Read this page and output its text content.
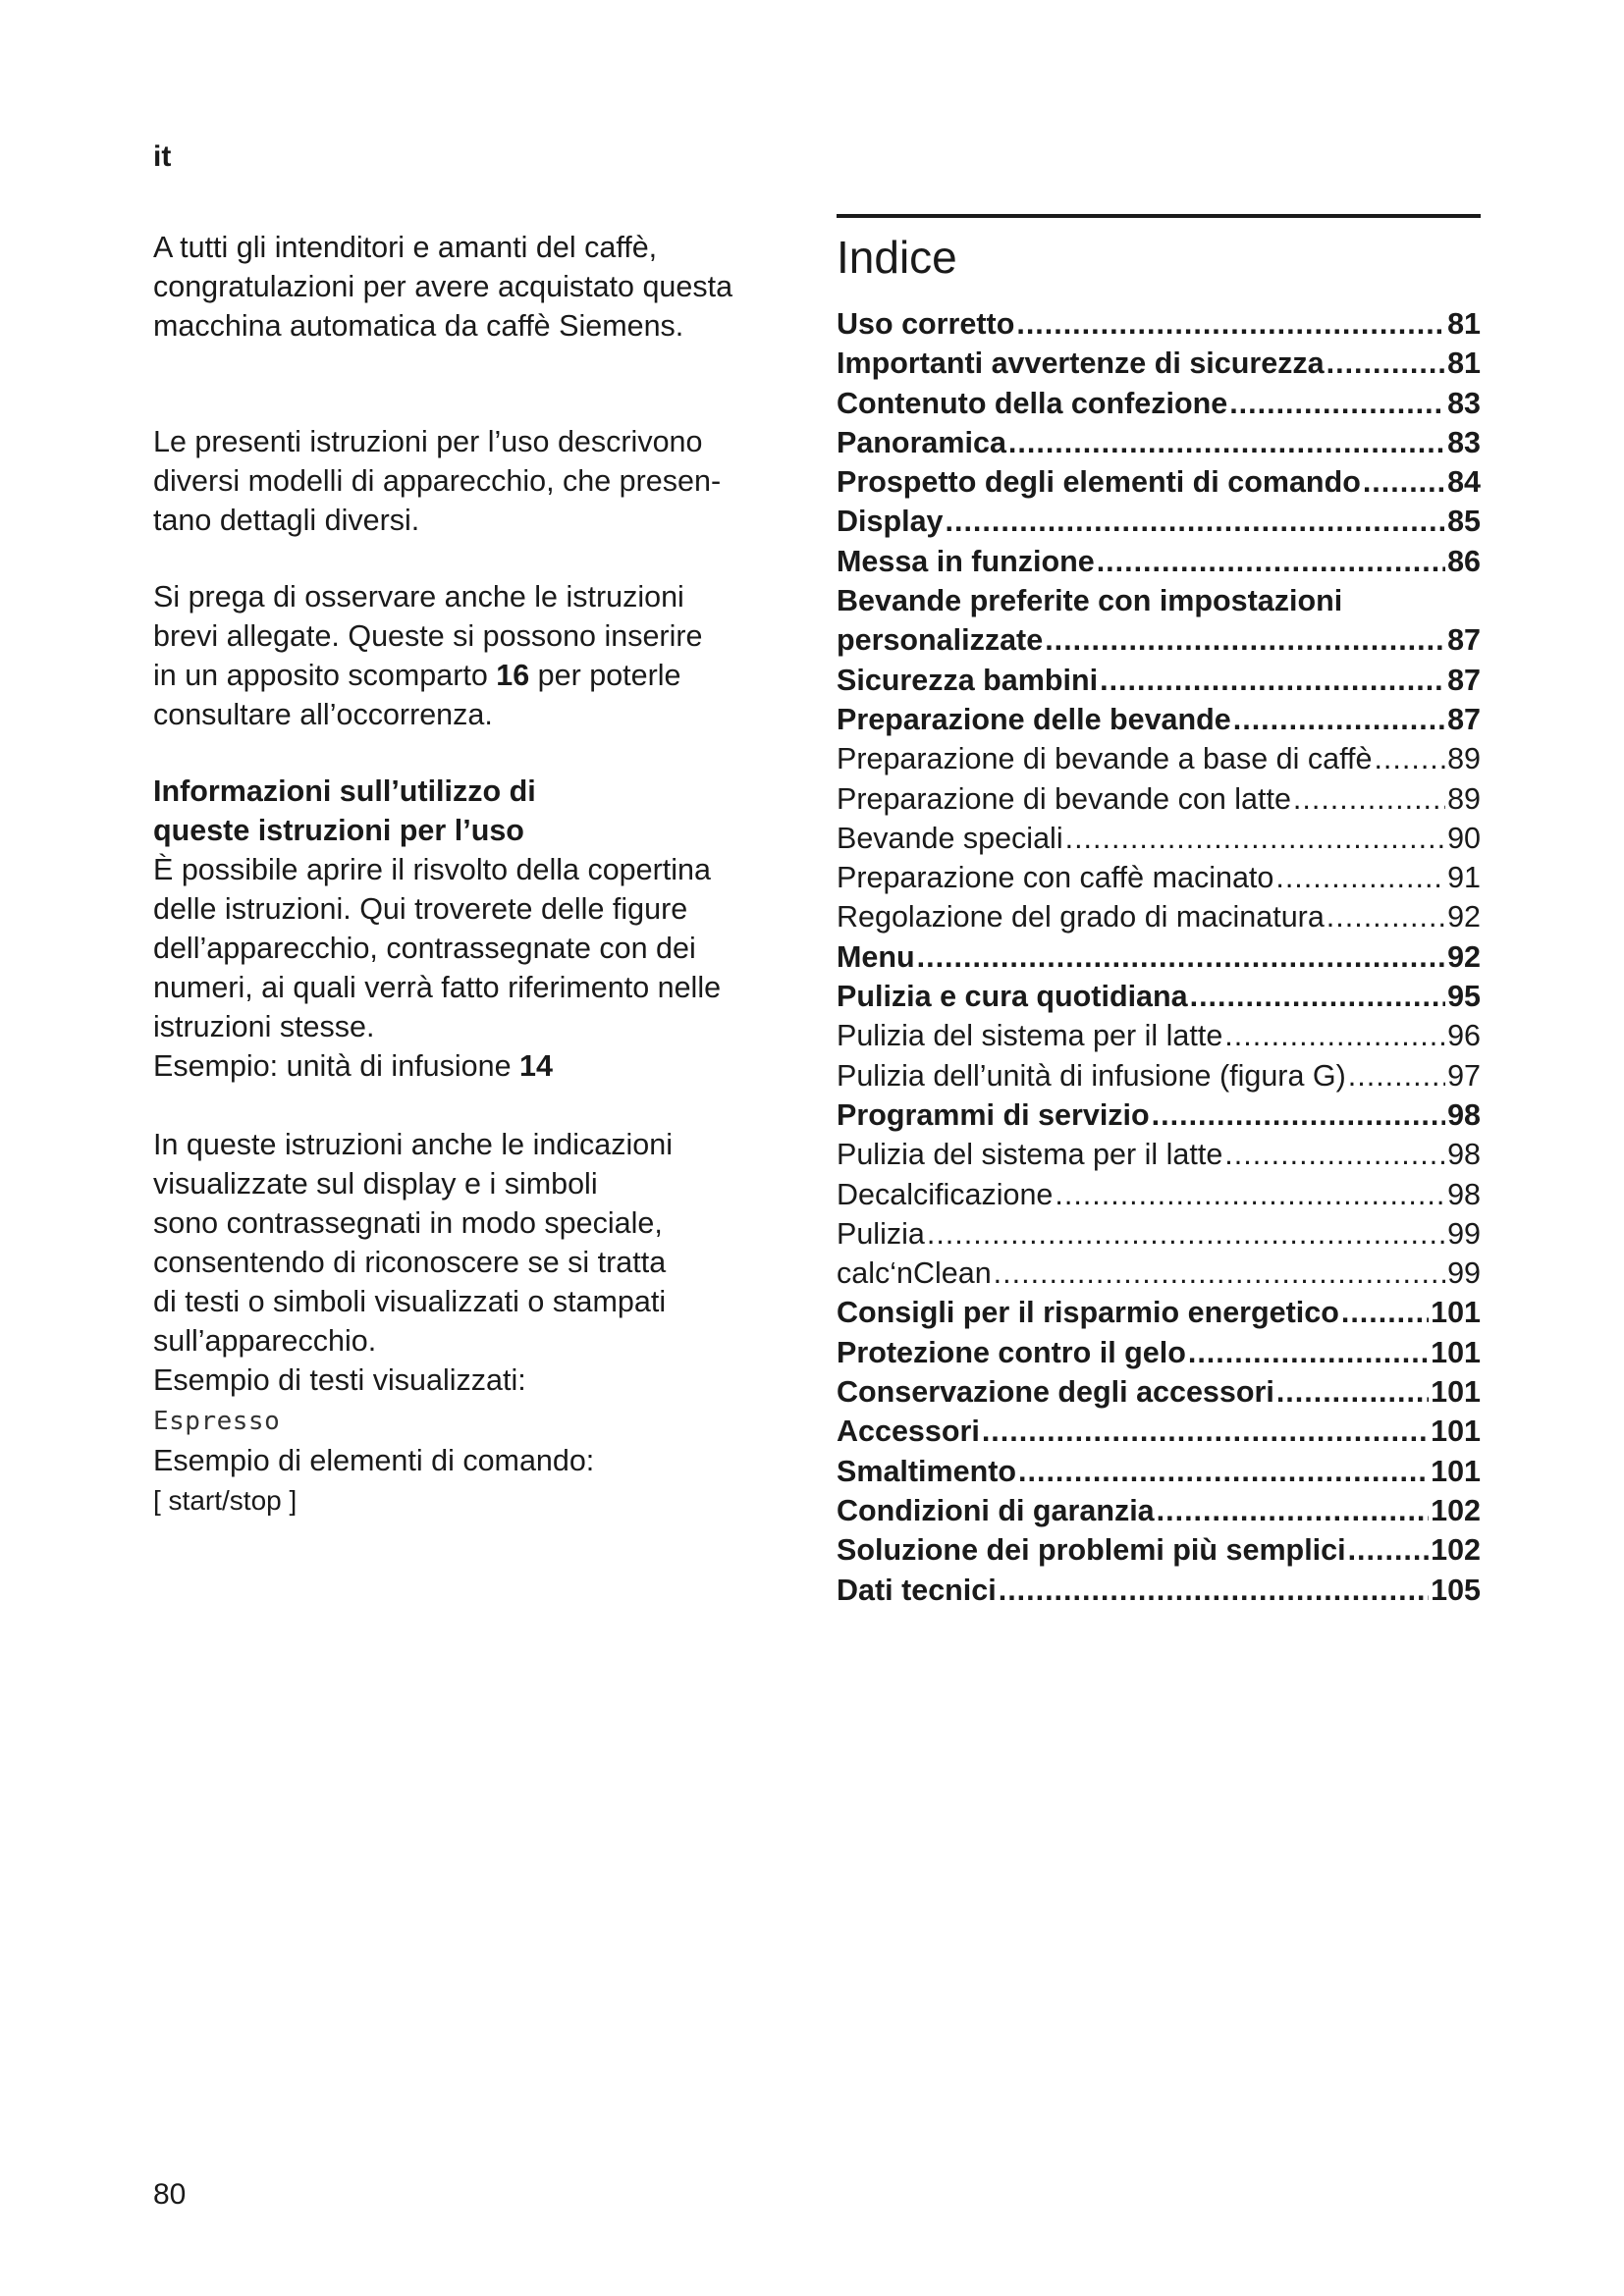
it

A tutti gli intenditori e amanti del caffè,
congratulazioni per avere acquistato questa
macchina automatica da caffè Siemens.

Le presenti istruzioni per l’uso descrivono
diversi modelli di apparecchio, che presen-
tano dettagli diversi.

Si prega di osservare anche le istruzioni
brevi allegate. Queste si possono inserire
in un apposito scomparto 16 per poterle
consultare all’occorrenza.

Informazioni sull’utilizzo di
queste istruzioni per l’uso

È possibile aprire il risvolto della copertina
delle istruzioni. Qui troverete delle figure
dell’apparecchio, contrassegnate con dei
numeri, ai quali verrà fatto riferimento nelle
istruzioni stesse.
Esempio: unità di infusione 14

In queste istruzioni anche le indicazioni
visualizzate sul display e i simboli
sono contrassegnati in modo speciale,
consentendo di riconoscere se si tratta
di testi o simboli visualizzati o stampati
sull’apparecchio.
Esempio di testi visualizzati:
Espresso
Esempio di elementi di comando:
[ start/stop ]

Indice
Uso corretto .....	81
Importanti avvertenze di sicurezza .....	81
Contenuto della confezione .....	83
Panoramica .....	83
Prospetto degli elementi di comando .....	84
Display .....	85
Messa in funzione .....	86
Bevande preferite con impostazioni
personalizzate .....	87
Sicurezza bambini .....	87
Preparazione delle bevande .....	87
Preparazione di bevande a base di caffè .....	89
Preparazione di bevande con latte .....	89
Bevande speciali .....	90
Preparazione con caffè macinato .....	91
Regolazione del grado di macinatura .....	92
Menu .....	92
Pulizia e cura quotidiana .....	95
Pulizia del sistema per il latte .....	96
Pulizia dell’unità di infusione (figura G) .....	97
Programmi di servizio .....	98
Pulizia del sistema per il latte .....	98
Decalcificazione .....	98
Pulizia .....	99
calc‘nClean .....	99
Consigli per il risparmio energetico .....	101
Protezione contro il gelo .....	101
Conservazione degli accessori .....	101
Accessori .....	101
Smaltimento .....	101
Condizioni di garanzia .....	102
Soluzione dei problemi più semplici .....	102
Dati tecnici .....	105
80
